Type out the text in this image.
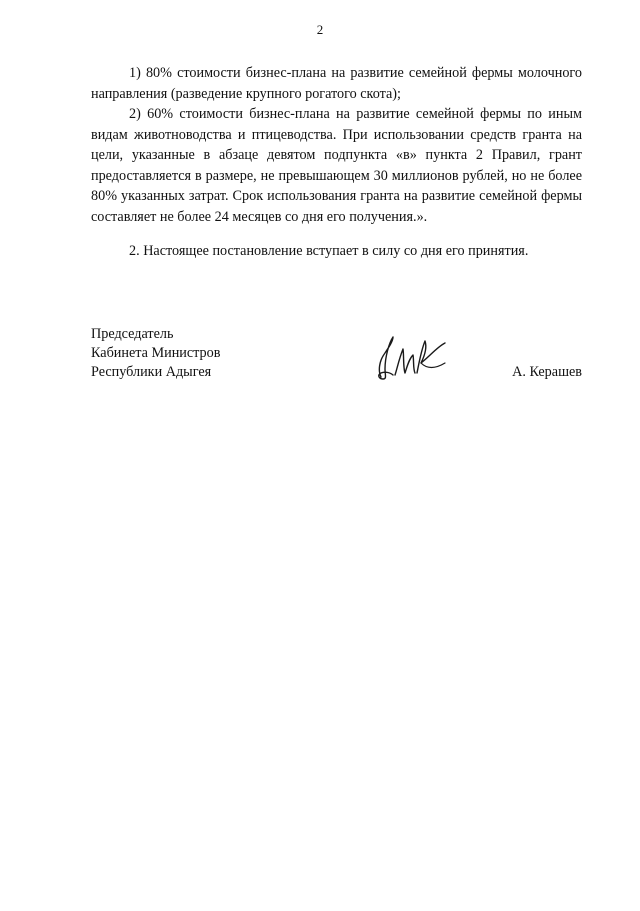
2

1) 80% стоимости бизнес-плана на развитие семейной фермы молочного направления (разведение крупного рогатого скота);

2) 60% стоимости бизнес-плана на развитие семейной фермы по иным видам животноводства и птицеводства. При использовании средств гранта на цели, указанные в абзаце девятом подпункта «в» пункта 2 Правил, грант предоставляется в размере, не превышающем 30 миллионов рублей, но не более 80% указанных затрат. Срок использования гранта на развитие семейной фермы составляет не более 24 месяцев со дня его получения.».

2. Настоящее постановление вступает в силу со дня его принятия.

Председатель
Кабинета Министров
Республики Адыгея	А. Керашев
